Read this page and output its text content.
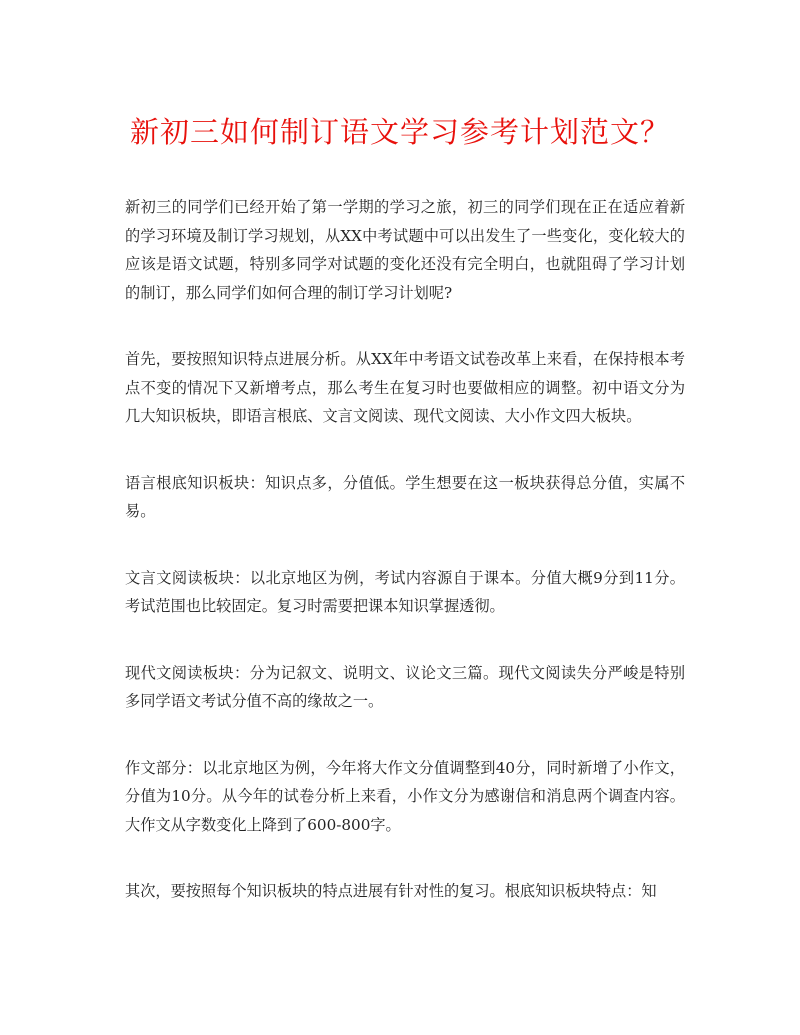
新初三如何制订语文学习参考计划范文？

新初三的同学们已经开始了第一学期的学习之旅，初三的同学们现在正在适应着新的学习环境及制订学习规划，从XX中考试题中可以出发生了一些变化，变化较大的应该是语文试题，特别多同学对试题的变化还没有完全明白，也就阻碍了学习计划的制订，那么同学们如何合理的制订学习计划呢?

首先，要按照知识特点进展分析。从XX年中考语文试卷改革上来看，在保持根本考点不变的情况下又新增考点，那么考生在复习时也要做相应的调整。初中语文分为几大知识板块，即语言根底、文言文阅读、现代文阅读、大小作文四大板块。

语言根底知识板块：知识点多，分值低。学生想要在这一板块获得总分值，实属不易。

文言文阅读板块：以北京地区为例，考试内容源自于课本。分值大概9分到11分。考试范围也比较固定。复习时需要把课本知识掌握透彻。

现代文阅读板块：分为记叙文、说明文、议论文三篇。现代文阅读失分严峻是特别多同学语文考试分值不高的缘故之一。

作文部分：以北京地区为例，今年将大作文分值调整到40分，同时新增了小作文，分值为10分。从今年的试卷分析上来看，小作文分为感谢信和消息两个调查内容。大作文从字数变化上降到了600-800字。

其次，要按照每个知识板块的特点进展有针对性的复习。根底知识板块特点：知
